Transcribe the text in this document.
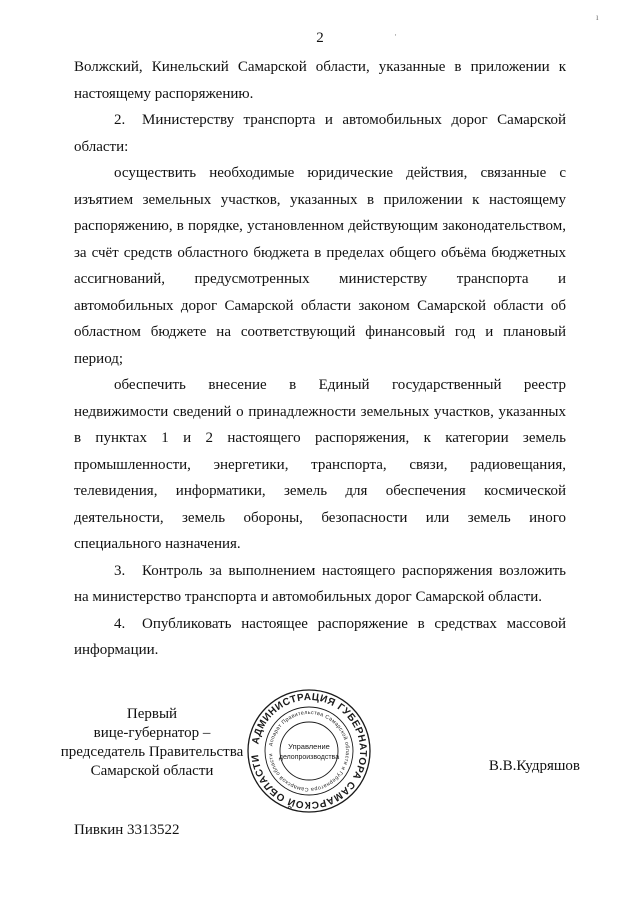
2
ı
·

Волжский, Кинельский Самарской области, указанные в приложении к настоящему распоряжению.

2. Министерству транспорта и автомобильных дорог Самарской области:

осуществить необходимые юридические действия, связанные с изъятием земельных участков, указанных в приложении к настоящему распоряжению, в порядке, установленном действующим законодательством, за счёт средств областного бюджета в пределах общего объёма бюджетных ассигнований, предусмотренных министерству транспорта и автомобильных дорог Самарской области законом Самарской области об областном бюджете на соответствующий финансовый год и плановый период;

обеспечить внесение в Единый государственный реестр недвижимости сведений о принадлежности земельных участков, указанных в пунктах 1 и 2 настоящего распоряжения, к категории земель промышленности, энергетики, транспорта, связи, радиовещания, телевидения, информатики, земель для обеспечения космической деятельности, земель обороны, безопасности или земель иного специального назначения.

3. Контроль за выполнением настоящего распоряжения возложить на министерство транспорта и автомобильных дорог Самарской области.

4. Опубликовать настоящее распоряжение в средствах массовой информации.

Первый
вице-губернатор –
председатель Правительства
Самарской области
АДМИНИСТРАЦИЯ ГУБЕРНАТОРА САМАРСКОЙ ОБЛАСТИ
Аппарат Правительства Самарской области и Губернатора Самарской области
Управление
делопроизводства
В.В.Кудряшов
Пивкин 3313522
